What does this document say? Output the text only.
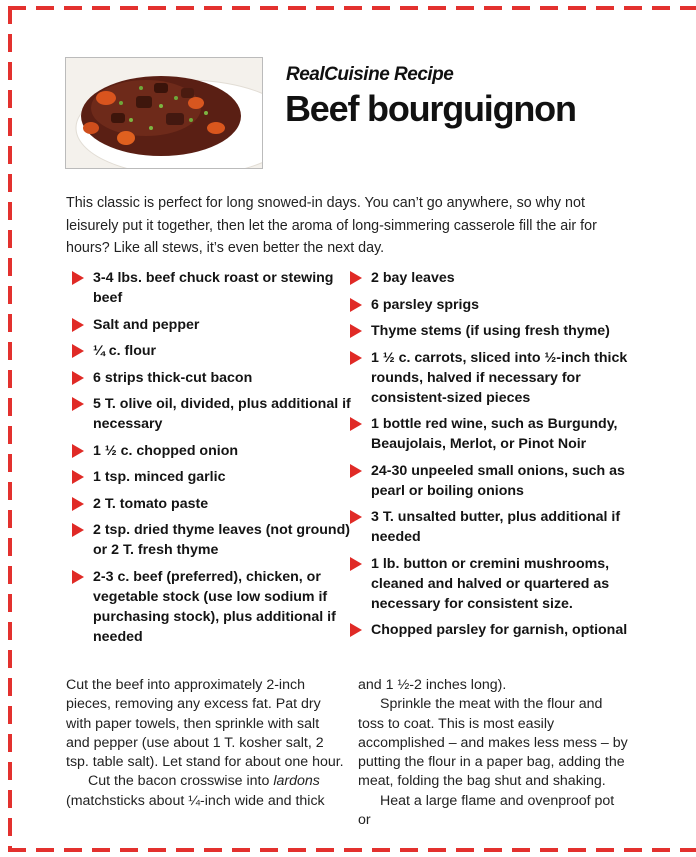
RealCuisine Recipe
Beef bourguignon
This classic is perfect for long snowed-in days. You can’t go anywhere, so why not leisurely put it together, then let the aroma of long-simmering casserole fill the air for hours? Like all stews, it’s even better the next day.
3-4 lbs. beef chuck roast or stewing beef
Salt and pepper
¼ c. flour
6 strips thick-cut bacon
5 T. olive oil, divided, plus additional if necessary
1 ½ c. chopped onion
1 tsp. minced garlic
2 T. tomato paste
2 tsp. dried thyme leaves (not ground) or 2 T. fresh thyme
2-3 c. beef (preferred), chicken, or vegetable stock (use low sodium if purchasing stock), plus additional if needed
2 bay leaves
6 parsley sprigs
Thyme stems (if using fresh thyme)
1 ½ c. carrots, sliced into ½-inch thick rounds, halved if necessary for consistent-sized pieces
1 bottle red wine, such as Burgundy, Beaujolais, Merlot, or Pinot Noir
24-30 unpeeled small onions, such as pearl or boiling onions
3 T. unsalted butter, plus additional if needed
1 lb. button or cremini mushrooms, cleaned and halved or quartered as necessary for consistent size.
Chopped parsley for garnish, optional

Cut the beef into approximately 2-inch pieces, removing any excess fat. Pat dry with paper towels, then sprinkle with salt and pepper (use about 1 T. kosher salt, 2 tsp. table salt). Let stand for about one hour.

Cut the bacon crosswise into lardons (matchsticks about ¼-inch wide and thick

and 1 ½-2 inches long).

Sprinkle the meat with the flour and toss to coat. This is most easily accomplished – and makes less mess – by putting the flour in a paper bag, adding the meat, folding the bag shut and shaking.

Heat a large flame and ovenproof pot or
